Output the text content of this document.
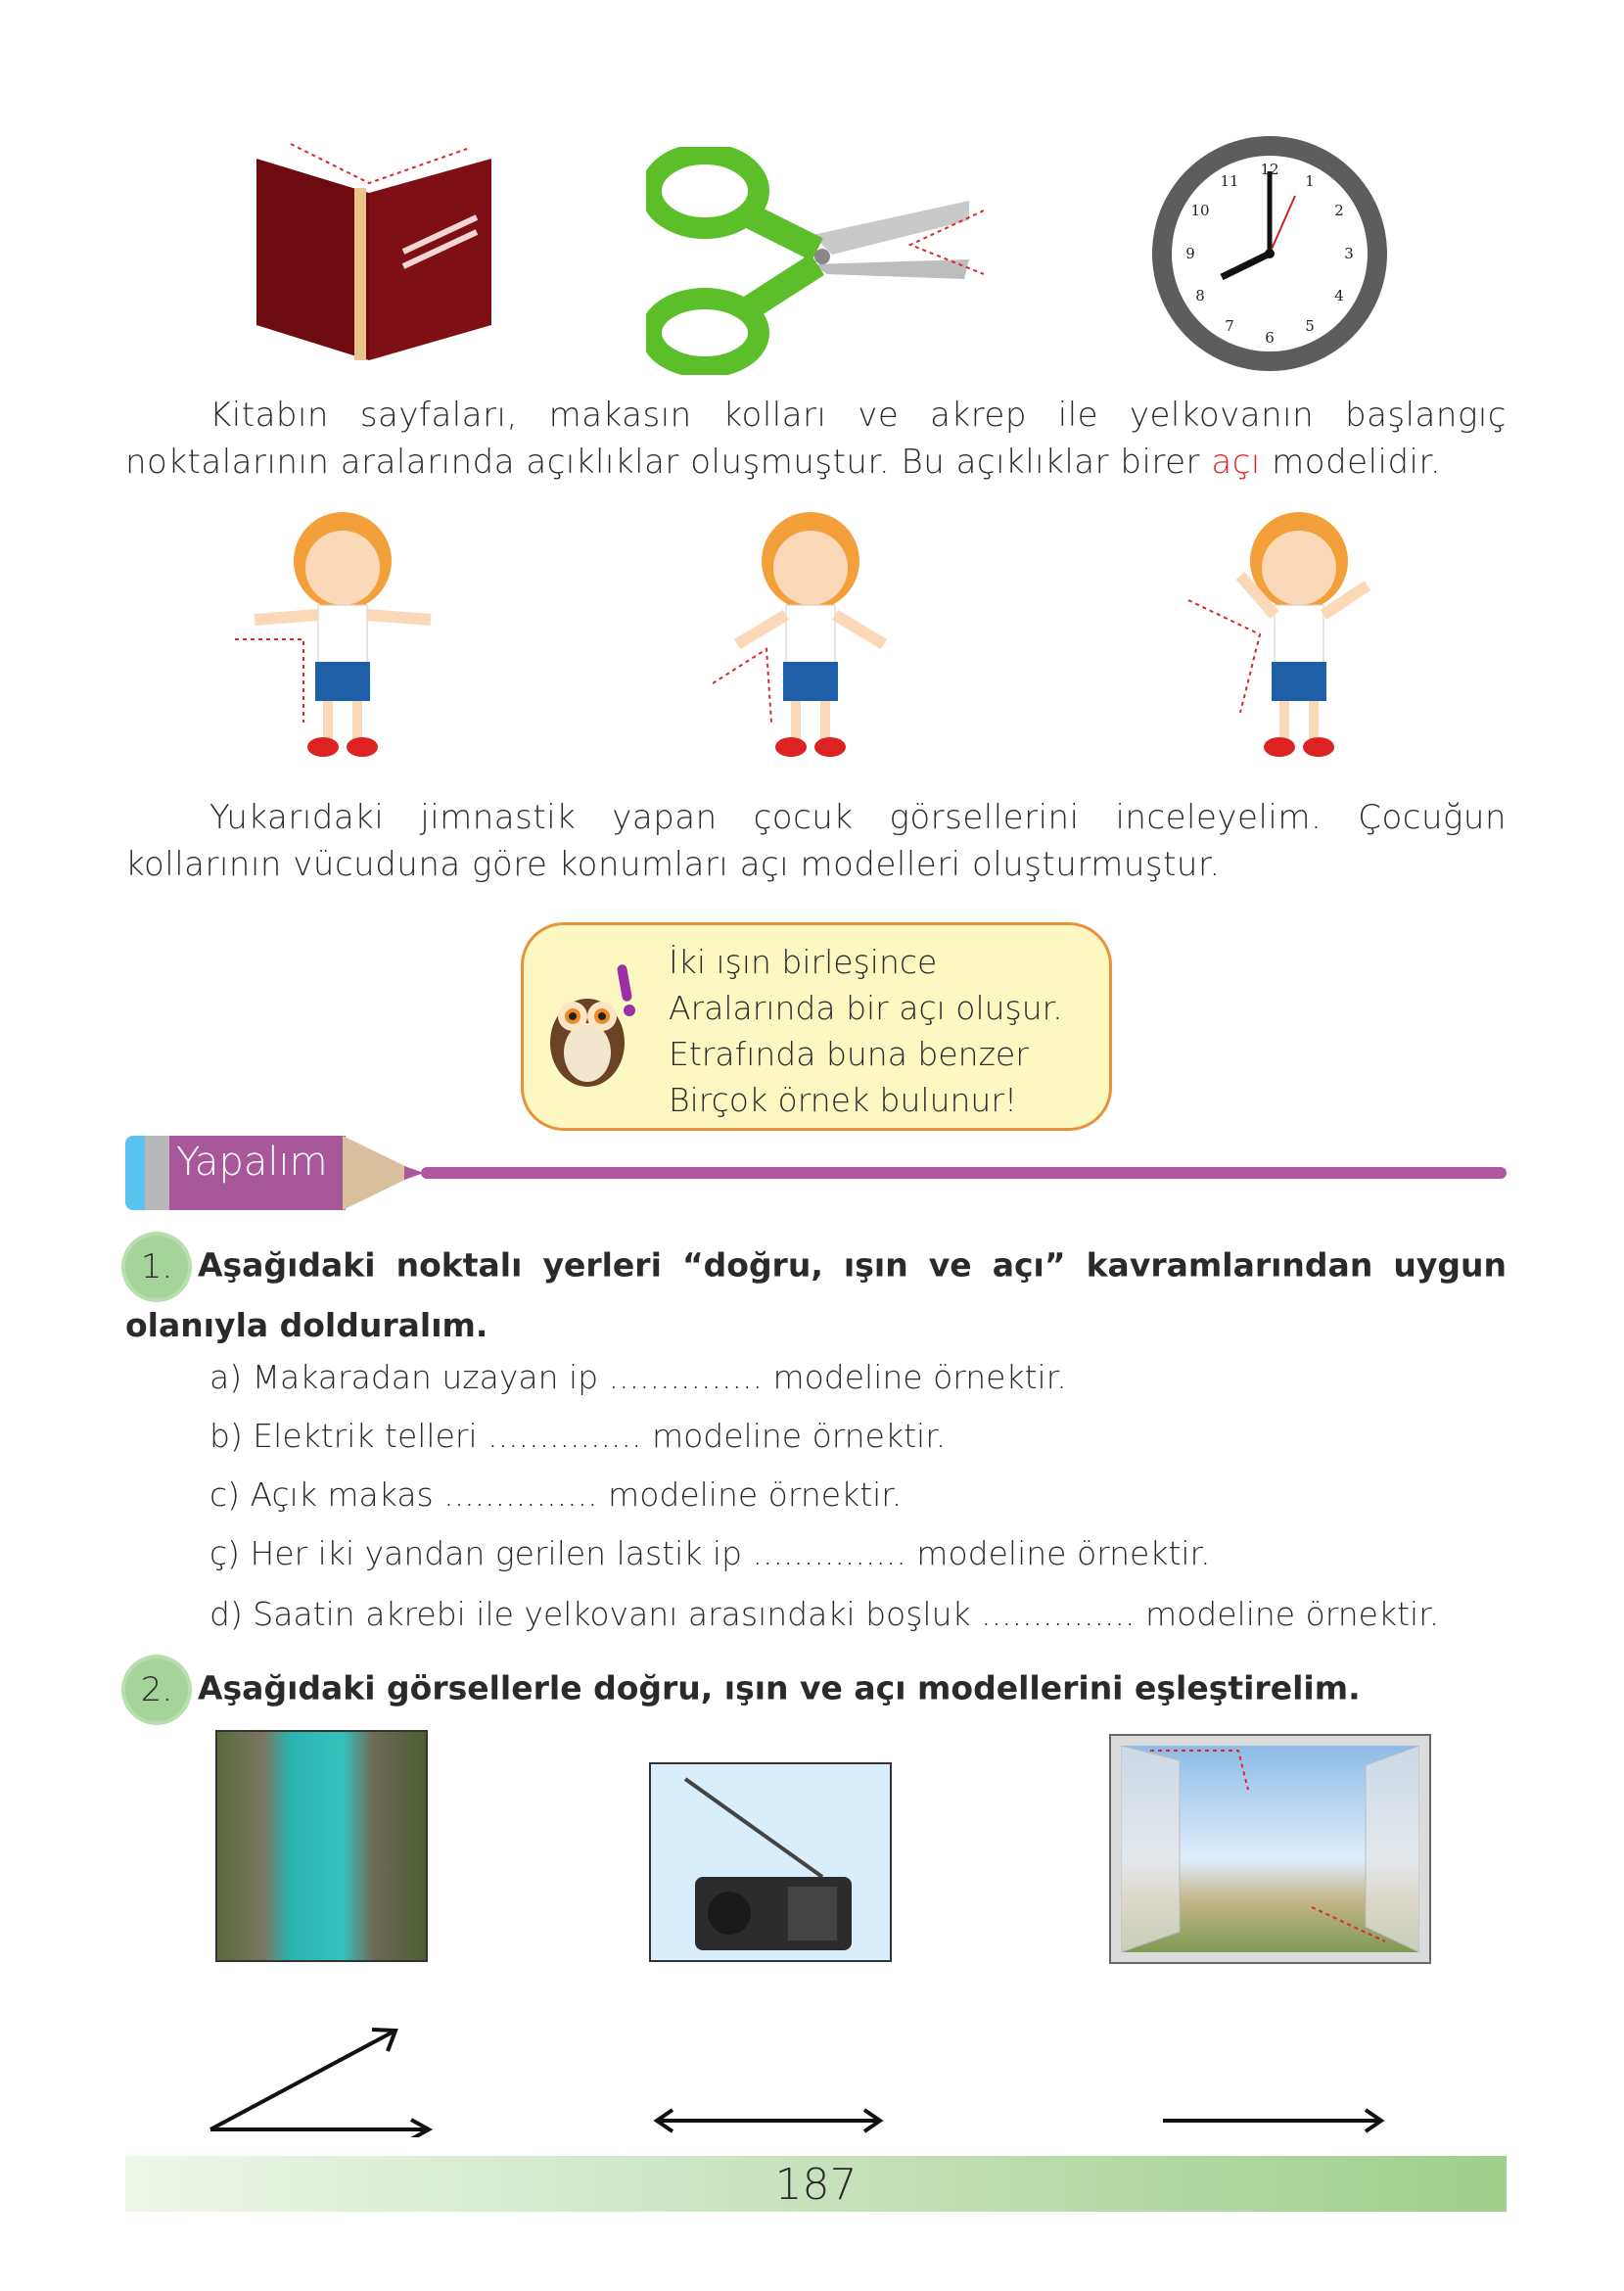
12
1
2
3
4
5
6
7
8
9
10
11

Kitabın sayfaları, makasın kolları ve akrep ile yelkovanın başlangıç noktalarının aralarında açıklıklar oluşmuştur. Bu açıklıklar birer açı modelidir.

Yukarıdaki jimnastik yapan çocuk görsellerini inceleyelim. Çocuğun kollarının vücuduna göre konumları açı modelleri oluşturmuştur.

İki ışın birleşince
Aralarında bir açı oluşur.
Etrafında buna benzer
Birçok örnek bulunur!
Yapalım
1. Aşağıdaki noktalı yerleri “doğru, ışın ve açı” kavramlarından uygun olanıyla dolduralım.
a) Makaradan uzayan ip ............... modeline örnektir.
b) Elektrik telleri ............... modeline örnektir.
c) Açık makas ............... modeline örnektir.
ç) Her iki yandan gerilen lastik ip ............... modeline örnektir.
d) Saatin akrebi ile yelkovanı arasındaki boşluk ............... modeline örnektir.
2. Aşağıdaki görsellerle doğru, ışın ve açı modellerini eşleştirelim.
187
